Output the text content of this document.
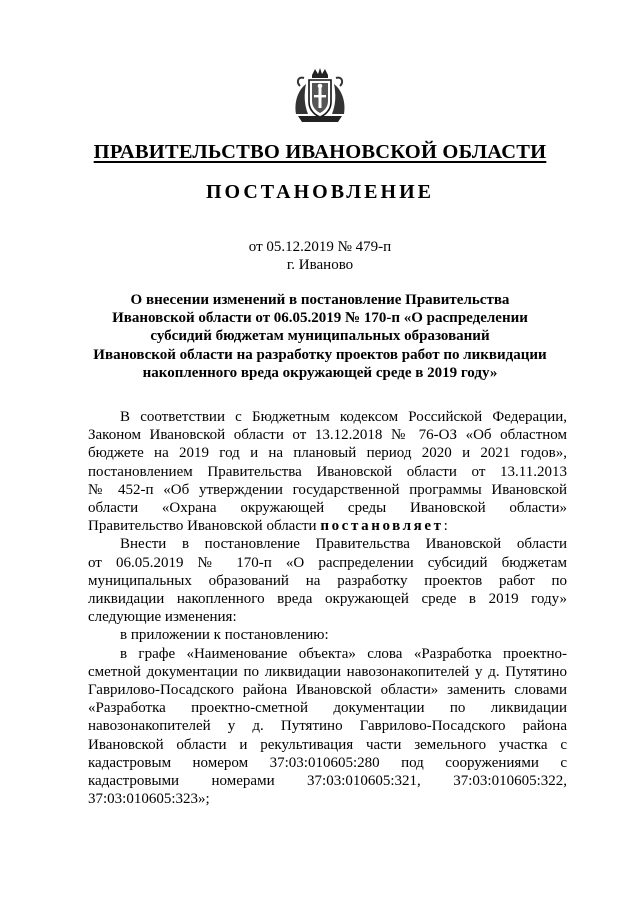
ПРАВИТЕЛЬСТВО ИВАНОВСКОЙ ОБЛАСТИ
ПОСТАНОВЛЕНИЕ
от 05.12.2019 № 479-п
г. Иваново
О внесении изменений в постановление Правительства
Ивановской области от 06.05.2019 № 170-п «О распределении
субсидий бюджетам муниципальных образований
Ивановской области на разработку проектов работ по ликвидации
накопленного вреда окружающей среде в 2019 году»
В соответствии с Бюджетным кодексом Российской Федерации,
Законом Ивановской области от 13.12.2018 № 76-ОЗ «Об областном
бюджете на 2019 год и на плановый период 2020 и 2021 годов»,
постановлением Правительства Ивановской области от 13.11.2013
№ 452-п «Об утверждении государственной программы Ивановской
области «Охрана окружающей среды Ивановской области»
Правительство Ивановской области постановляет:
Внести в постановление Правительства Ивановской области
от 06.05.2019 № 170-п «О распределении субсидий бюджетам
муниципальных образований на разработку проектов работ по
ликвидации накопленного вреда окружающей среде в 2019 году»
следующие изменения:
в приложении к постановлению:
в графе «Наименование объекта» слова «Разработка проектно-
сметной документации по ликвидации навозонакопителей у д. Путятино
Гаврилово-Посадского района Ивановской области» заменить словами
«Разработка проектно-сметной документации по ликвидации
навозонакопителей у д. Путятино Гаврилово-Посадского района
Ивановской области и рекультивация части земельного участка с
кадастровым номером 37:03:010605:280 под сооружениями с
кадастровыми номерами 37:03:010605:321, 37:03:010605:322,
37:03:010605:323»;
